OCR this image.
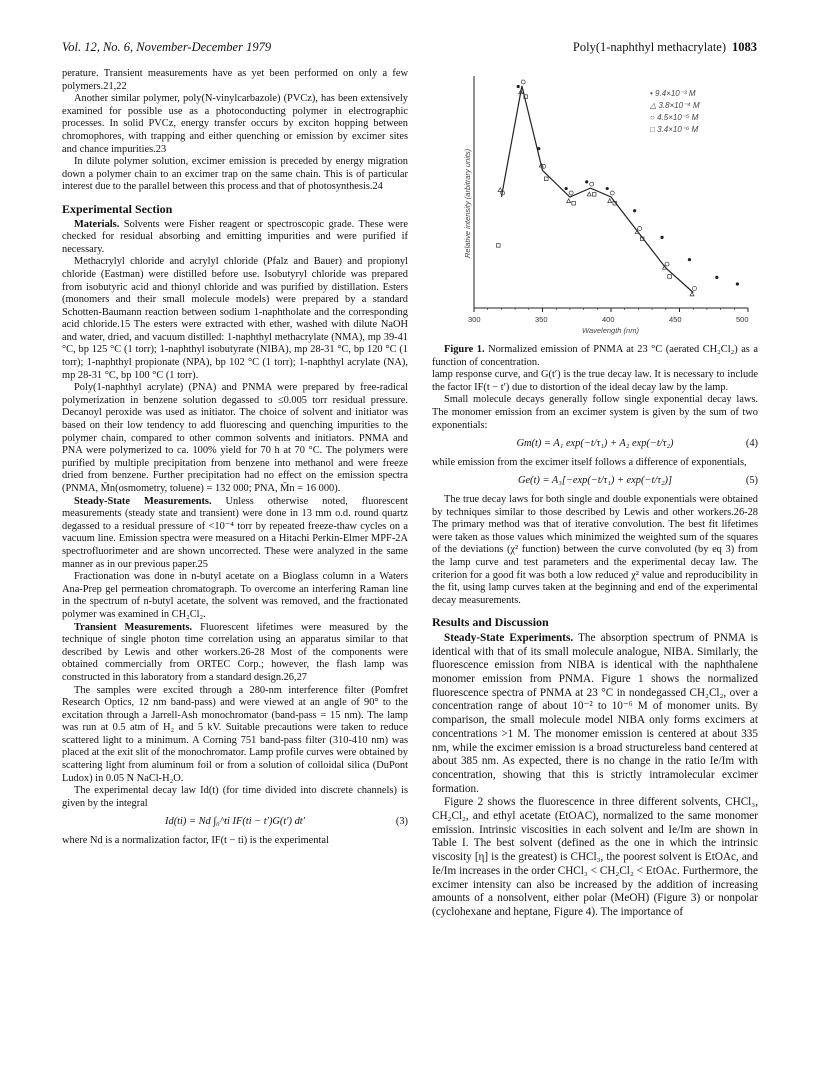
Vol. 12, No. 6, November-December 1979	Poly(1-naphthyl methacrylate) 1083

perature. Transient measurements have as yet been performed on only a few polymers.21,22

Another similar polymer, poly(N-vinylcarbazole) (PVCz), has been extensively examined for possible use as a photoconducting polymer in electrographic processes. In solid PVCz, energy transfer occurs by exciton hopping between chromophores, with trapping and either quenching or emission by excimer sites and chance impurities.23

In dilute polymer solution, excimer emission is preceded by energy migration down a polymer chain to an excimer trap on the same chain. This is of particular interest due to the parallel between this process and that of photosynthesis.24

Experimental Section

Materials. Solvents were Fisher reagent or spectroscopic grade. These were checked for residual absorbing and emitting impurities and were purified if necessary.

Methacrylyl chloride and acrylyl chloride (Pfalz and Bauer) and propionyl chloride (Eastman) were distilled before use. Isobutyryl chloride was prepared from isobutyric acid and thionyl chloride and was purified by distillation. Esters (monomers and their small molecule models) were prepared by a standard Schotten-Baumann reaction between sodium 1-naphtholate and the corresponding acid chloride.15 The esters were extracted with ether, washed with dilute NaOH and water, dried, and vacuum distilled: 1-naphthyl methacrylate (NMA), mp 39-41 °C, bp 125 °C (1 torr); 1-naphthyl isobutyrate (NIBA), mp 28-31 °C, bp 120 °C (1 torr); 1-naphthyl propionate (NPA), bp 102 °C (1 torr); 1-naphthyl acrylate (NA), mp 28-31 °C, bp 100 °C (1 torr).

Poly(1-naphthyl acrylate) (PNA) and PNMA were prepared by free-radical polymerization in benzene solution degassed to ≤0.005 torr residual pressure. Decanoyl peroxide was used as initiator. The choice of solvent and initiator was based on their low tendency to add fluorescing and quenching impurities to the polymer chain, compared to other common solvents and initiators. PNMA and PNA were polymerized to ca. 100% yield for 70 h at 70 °C. The polymers were purified by multiple precipitation from benzene into methanol and were freeze dried from benzene. Further precipitation had no effect on the emission spectra (PNMA, M̄n(osmometry, toluene) = 132 000; PNA, M̄n = 16 000).

Steady-State Measurements. Unless otherwise noted, fluorescent measurements (steady state and transient) were done in 13 mm o.d. round quartz degassed to a residual pressure of <10⁻⁴ torr by repeated freeze-thaw cycles on a vacuum line. Emission spectra were measured on a Hitachi Perkin-Elmer MPF-2A spectrofluorimeter and are shown uncorrected. These were analyzed in the same manner as in our previous paper.25

Fractionation was done in n-butyl acetate on a Bioglass column in a Waters Ana-Prep gel permeation chromatograph. To overcome an interfering Raman line in the spectrum of n-butyl acetate, the solvent was removed, and the fractionated polymer was examined in CH₂Cl₂.

Transient Measurements. Fluorescent lifetimes were measured by the technique of single photon time correlation using an apparatus similar to that described by Lewis and other workers.26-28 Most of the components were obtained commercially from ORTEC Corp.; however, the flash lamp was constructed in this laboratory from a standard design.26,27

The samples were excited through a 280-nm interference filter (Pomfret Research Optics, 12 nm band-pass) and were viewed at an angle of 90° to the excitation through a Jarrell-Ash monochromator (band-pass = 15 nm). The lamp was run at 0.5 atm of H₂ and 5 kV. Suitable precautions were taken to reduce scattered light to a minimum. A Corning 751 band-pass filter (310-410 nm) was placed at the exit slit of the monochromator. Lamp profile curves were obtained by scattering light from aluminum foil or from a solution of colloidal silica (DuPont Ludox) in 0.05 N NaCl-H₂O.

The experimental decay law Id(t) (for time divided into discrete channels) is given by the integral

Id(ti) = Nd ∫₀^ti IF(ti − t′)G(t′) dt′	(3)

where Nd is a normalization factor, IF(t − ti) is the experimental

Relative intensity (arbitrary units)
300	350	400	450	500
Wavelength (nm)
• 9.4×10⁻³ M
△ 3.8×10⁻⁴ M
○ 4.5×10⁻⁵ M
□ 3.4×10⁻⁶ M

Figure 1. Normalized emission of PNMA at 23 °C (aerated CH₂Cl₂) as a function of concentration.

lamp response curve, and G(t′) is the true decay law. It is necessary to include the factor IF(t − t′) due to distortion of the ideal decay law by the lamp.

Small molecule decays generally follow single exponential decay laws. The monomer emission from an excimer system is given by the sum of two exponentials:

Gm(t) = A₁ exp(−t/τ₁) + A₂ exp(−t/τ₂)	(4)

while emission from the excimer itself follows a difference of exponentials,

Ge(t) = A₃[−exp(−t/τ₁) + exp(−t/τ₂)]	(5)

The true decay laws for both single and double exponentials were obtained by techniques similar to those described by Lewis and other workers.26-28 The primary method was that of iterative convolution. The best fit lifetimes were taken as those values which minimized the weighted sum of the squares of the deviations (χ² function) between the curve convoluted (by eq 3) from the lamp curve and test parameters and the experimental decay law. The criterion for a good fit was both a low reduced χ² value and reproducibility in the fit, using lamp curves taken at the beginning and end of the experimental decay measurements.

Results and Discussion

Steady-State Experiments. The absorption spectrum of PNMA is identical with that of its small molecule analogue, NIBA. Similarly, the fluorescence emission from NIBA is identical with the naphthalene monomer emission from PNMA. Figure 1 shows the normalized fluorescence spectra of PNMA at 23 °C in nondegassed CH₂Cl₂, over a concentration range of about 10⁻² to 10⁻⁶ M of monomer units. By comparison, the small molecule model NIBA only forms excimers at concentrations >1 M. The monomer emission is centered at about 335 nm, while the excimer emission is a broad structureless band centered at about 385 nm. As expected, there is no change in the ratio Ie/Im with concentration, showing that this is strictly intramolecular excimer formation.

Figure 2 shows the fluorescence in three different solvents, CHCl₃, CH₂Cl₂, and ethyl acetate (EtOAC), normalized to the same monomer emission. Intrinsic viscosities in each solvent and Ie/Im are shown in Table I. The best solvent (defined as the one in which the intrinsic viscosity [η] is the greatest) is CHCl₃, the poorest solvent is EtOAc, and Ie/Im increases in the order CHCl₃ < CH₂Cl₂ < EtOAc. Furthermore, the excimer intensity can also be increased by the addition of increasing amounts of a nonsolvent, either polar (MeOH) (Figure 3) or nonpolar (cyclohexane and heptane, Figure 4). The importance of
